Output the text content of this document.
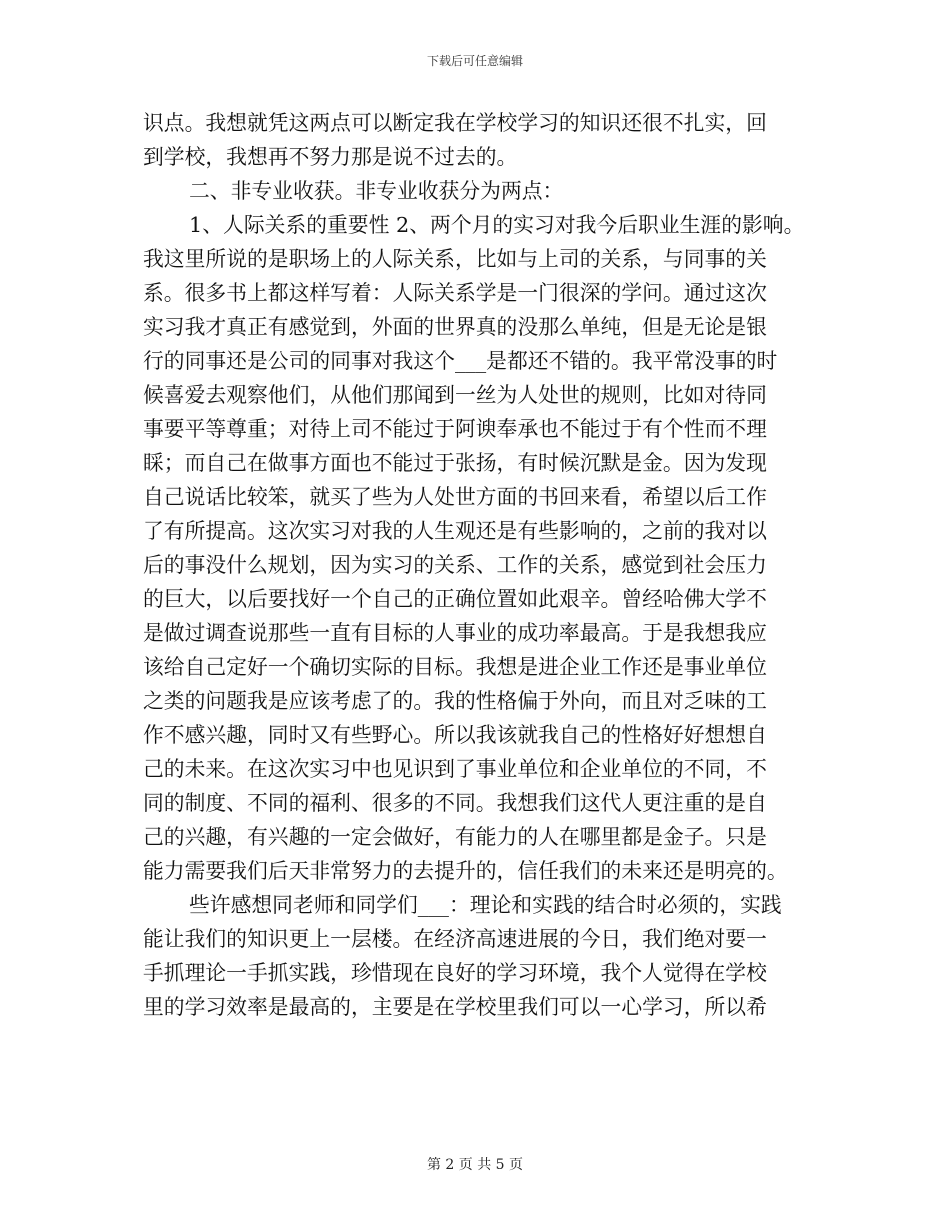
下载后可任意编辑
识点。我想就凭这两点可以断定我在学校学习的知识还很不扎实，回
到学校，我想再不努力那是说不过去的。
二、非专业收获。非专业收获分为两点：
1、人际关系的重要性 2、两个月的实习对我今后职业生涯的影响。
我这里所说的是职场上的人际关系，比如与上司的关系，与同事的关
系。很多书上都这样写着：人际关系学是一门很深的学问。通过这次
实习我才真正有感觉到，外面的世界真的没那么单纯，但是无论是银
行的同事还是公司的同事对我这个___是都还不错的。我平常没事的时
候喜爱去观察他们，从他们那闻到一丝为人处世的规则，比如对待同
事要平等尊重；对待上司不能过于阿谀奉承也不能过于有个性而不理
睬；而自己在做事方面也不能过于张扬，有时候沉默是金。因为发现
自己说话比较笨，就买了些为人处世方面的书回来看，希望以后工作
了有所提高。这次实习对我的人生观还是有些影响的，之前的我对以
后的事没什么规划，因为实习的关系、工作的关系，感觉到社会压力
的巨大，以后要找好一个自己的正确位置如此艰辛。曾经哈佛大学不
是做过调查说那些一直有目标的人事业的成功率最高。于是我想我应
该给自己定好一个确切实际的目标。我想是进企业工作还是事业单位
之类的问题我是应该考虑了的。我的性格偏于外向，而且对乏味的工
作不感兴趣，同时又有些野心。所以我该就我自己的性格好好想想自
己的未来。在这次实习中也见识到了事业单位和企业单位的不同，不
同的制度、不同的福利、很多的不同。我想我们这代人更注重的是自
己的兴趣，有兴趣的一定会做好，有能力的人在哪里都是金子。只是
能力需要我们后天非常努力的去提升的，信任我们的未来还是明亮的。
些许感想同老师和同学们___：理论和实践的结合时必须的，实践
能让我们的知识更上一层楼。在经济高速进展的今日，我们绝对要一
手抓理论一手抓实践，珍惜现在良好的学习环境，我个人觉得在学校
里的学习效率是最高的，主要是在学校里我们可以一心学习，所以希
第 2 页 共 5 页
